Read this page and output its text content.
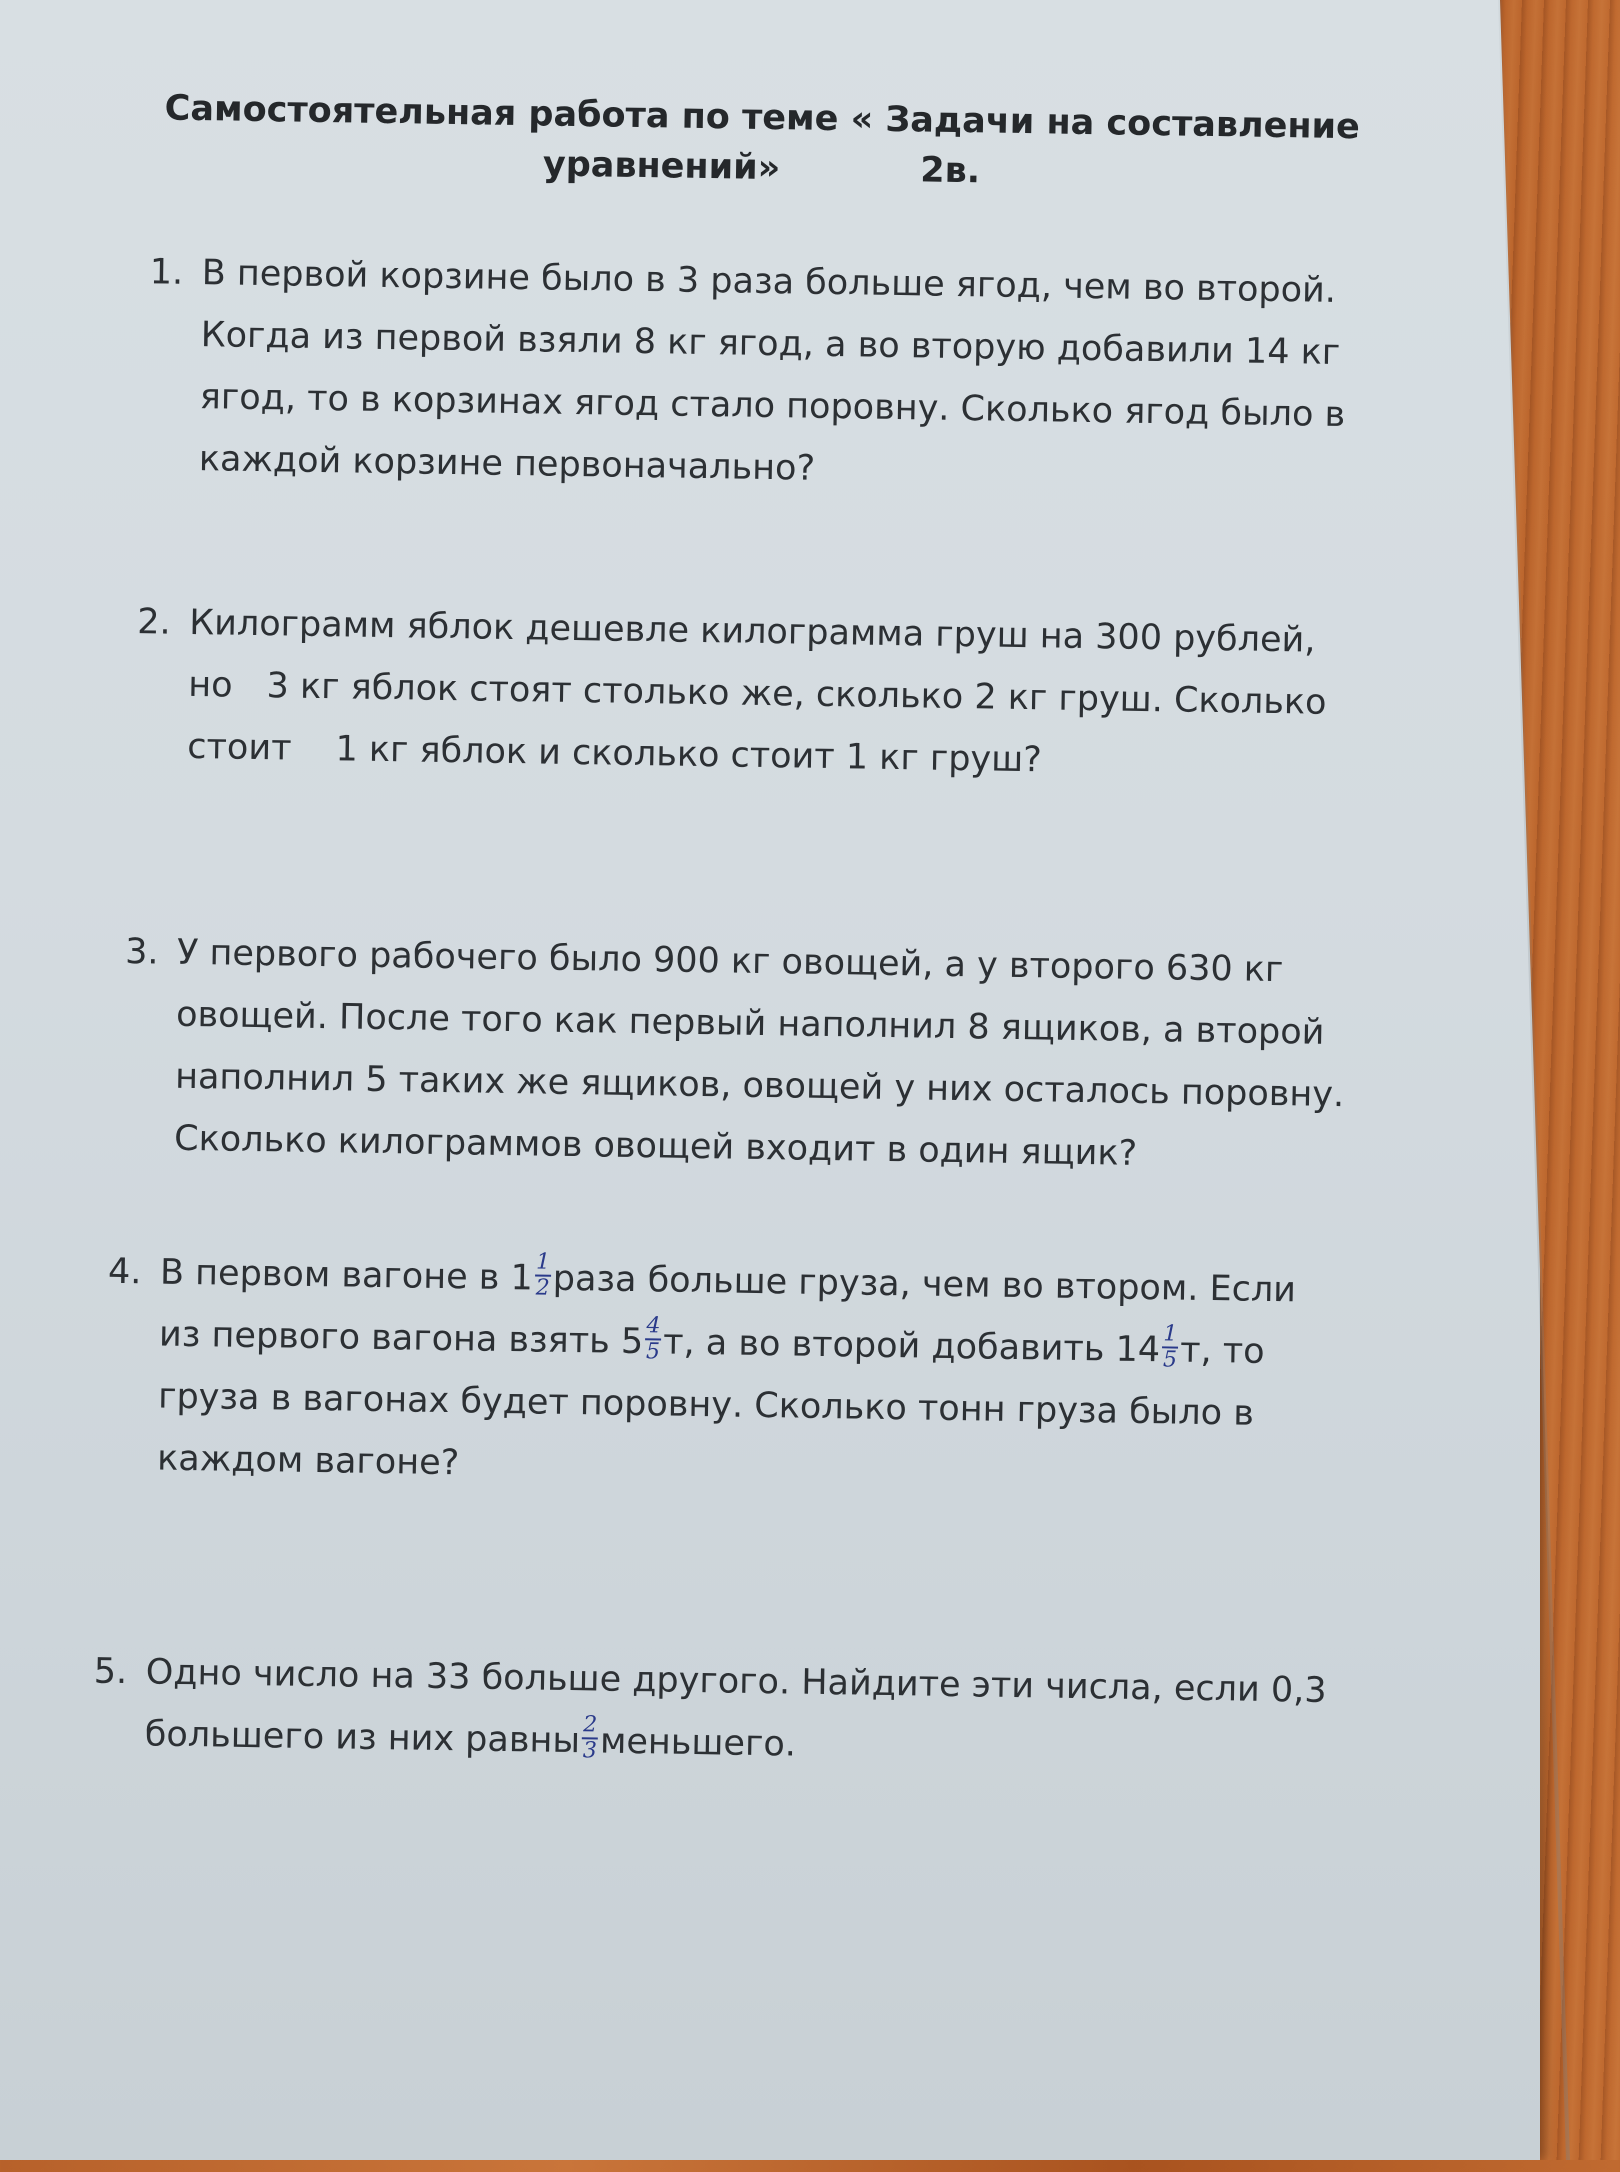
Самостоятельная работа по теме « Задачи на составление
уравнений»	2в.
1. В первой корзине было в 3 раза больше ягод, чем во второй.
Когда из первой взяли 8 кг ягод, а во вторую добавили 14 кг
ягод, то в корзинах ягод стало поровну. Сколько ягод было в
каждой корзине первоначально?
2. Килограмм яблок дешевле килограмма груш на 300 рублей,
но 3 кг яблок стоят столько же, сколько 2 кг груш. Сколько
стоит 1 кг яблок и сколько стоит 1 кг груш?
3. У первого рабочего было 900 кг овощей, а у второго 630 кг
овощей. После того как первый наполнил 8 ящиков, а второй
наполнил 5 таких же ящиков, овощей у них осталось поровну.
Сколько килограммов овощей входит в один ящик?
4. В первом вагоне в $1 \frac{1}{2}$ раза больше груза, чем во втором. Если
из первого вагона взять $5 \frac{4}{5} т$, а во второй добавить $14 \frac{1}{5} т$, то
груза в вагонах будет поровну. Сколько тонн груза было в
каждом вагоне?
5. Одно число на 33 больше другого. Найдите эти числа, если 0,3
большего из них равны $\frac{2}{3}$ меньшего.
